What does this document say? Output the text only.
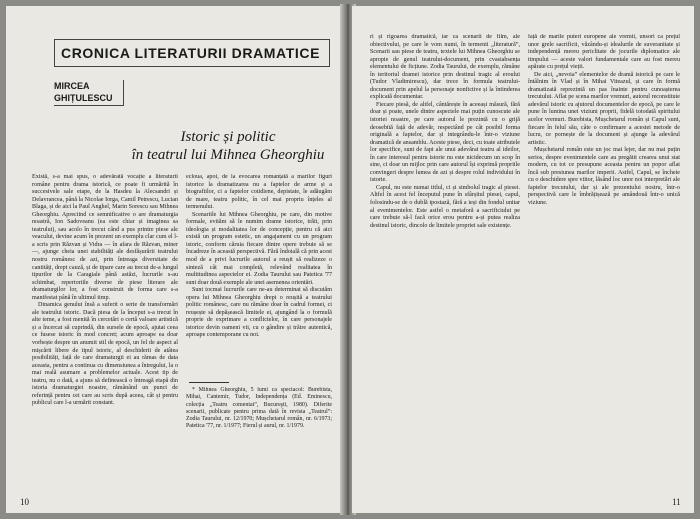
CRONICA LITERATURII DRAMATICE
MIRCEA
GHIȚULESCU
Istoric și politic
în teatrul lui Mihnea Gheorghiu

Există, s-a mai spus, o adevărată vocație a literaturii române pentru drama istorică, ce poate fi urmărită în succesivele sale etape, de la Hasdeu la Alecsandri și Delavrancea, până la Nicolae Iorga, Camil Petrescu, Lucian Blaga, și de aici la Paul Anghel, Marin Sorescu sau Mihnea Gheorghiu. Apreciind ce semnificative o are dramaturgia noastră, Ion Sadoveanu (ea este chiar și imaginea sa teatrului), sau acolo în trecut când a pus printre piese ale veacului, devine acum în prezent un exemplu clar cum el l-a scris prin Răzvan și Vidra — în afara de Răzvan, miner —, ajunge cheia unei stabilități ale desfășurării teatrului nostru românesc de azi, prin întreaga diversitate de cantități, drept cauză, și de tipare care au trecut de-a lungul tipurilor de la Caragiale până astăzi, lucrurile s-au schimbat, repertoriile diverse de piese literare ale dramaturgilor lor, a fost construit de forma care s-a manifestat până în ultimul timp.

Dinamica genului însă a suferit o serie de transformări ale teatrului istoric. Dacă piesa de la început s-a trecut în alte teme, a fost menită în cercetări o certă valoare artistică și a încercat să cuprindă, din sursele de epocă, ajutat ceea ce fusese istoric în mod concret; acum aproape ea doar vorbește despre un anumit stil de epocă, un fel de aspect al mișcării libere de tipul istoric, al deschiderii de atâtea posibilități, față de care dramaturgii ei au rămas de data aceasta, pentru a continua cu dimensiunea a întregului, la o mai reală asumare a problemelor actuale. Acest tip de teatru, nu o dată, a ajuns să definească o întreagă etapă din istoria dramaturgiei noastre, rămânând un punct de referință pentru cei care au scris după aceea, cât și pentru publicul care l-a urmărit constant.

ecloua, apoi, de la evocarea romanțată a marilor figuri istorice la dramatizarea nu a faptelor de arme și a biografiilor, ci a faptelor cotidiene, depistate, le adăugăm de mare, teatru politic, în cel mai propriu înțeles al termenului.

Scenariile lui Mihnea Gheorghiu, pe care, din motive formale, evităm să le numim drame istorice, trăit, prin ideologia și modalitatea lor de concepție, pentru că aici există un program estetic, un angajament cu un program istoric, conform căruia fiecare dintre opere trebuie să se încadreze în această perspectivă. Fără îndoială că prin acest mod de a privi lucrurile autorul a reușit să realizeze o sinteză cât mai completă, relevând realitatea în multitudinea aspectelor ei. Zodia Taurului sau Patetica '77 sunt doar două exemple ale unei asemenea orientări.

Sunt tocmai lucrurile care ne-au determinat să discutăm opera lui Mihnea Gheorghiu drept o reușită a teatrului politic românesc, care nu rămâne doar în cadrul formei, ci reușește să depășească limitele ei, ajungând la o formulă proprie de exprimare a conflictelor, în care personajele istorice devin oameni vii, cu o gândire și trăire autentică, aproape contemporane cu noi.

* Mihnea Gheorghiu, 5 lumi ca spectacol: Burebista, Mihai, Cantemir, Tudor, Independența (Ed. Eminescu, colecția „Teatru comentat”, Bucureşti, 1980). Diferite scenarii, publicate pentru prima dată în revista „Teatrul”: Zodia Taurului, nr. 12/1970; Mușchetarul român, nr. 6/1973; Patetica '77, nr. 1/1977; Fierul și aurul, nr. 1/1979.

10

ri și rigoarea dramatică, iar ca scenarii de film, ale obiectivului, pe care le vom numi, în termenii „literatură”, Scenarii sau piese de teatru, textele lui Mihnea Gheorghiu se apropie de genul teatrului-document, prin cvasiabsența elementului de ficțiune. Zodia Taurului, de exemplu, rămâne în teritoriul dramei istorice prin destinul tragic al eroului (Tudor Vladimirescu), dar trece în formula teatrului-document prin apelul la personaje nonfictive și la întinderea explicată documentar.

Fiecare piesă, de altfel, cântărește în aceeași măsură, fără doar și poate, unele dintre aspectele mai puțin cunoscute ale istoriei noastre, pe care autorul le prezintă cu o grijă deosebită față de adevăr, respectând pe cât posibil forma originală a faptelor, dar și integrându-le într-o viziune dramatică de ansamblu. Aceste piese, deci, cu toate atributele lor specifice, sunt de fapt ale unui adevărat teatru al ideilor, în care interesul pentru istorie nu este nicidecum un scop în sine, ci doar un mijloc prin care autorul își exprimă propriile convingeri despre lumea de azi și despre rolul individului în istorie.

Capul, nu este numai titlul, ci și simbolul tragic al piesei. Altfel în acest fel începutul pune în sfârșitul piesei, capul, folosindu-se de o dublă ipostază, fără a ieși din fondul unitar al evenimentelor. Este astfel o metaforă a sacrificiului pe care trebuie să-l facă orice erou pentru a-și putea realiza destinul istoric, dincolo de limitele propriei sale existențe.

față de marile puteri europene ale vremii, unsori ca prețul unor grele sacrificii, văzându-și idealurile de suveranitate și independență mereu periclitate de jocurile diplomatice ale timpului — aceste valori fundamentale care au fost mereu apărate cu prețul vieții.

De aici, „nevoia” elementelor de dramă istorică pe care le întâlnim în Vlad și în Mihai Viteazul, și care în formă dramatizată reprezintă un pas înainte pentru cunoașterea trecutului. Aflat pe scena marilor vremuri, autorul reconstituie adevărul istoric cu ajutorul documentelor de epocă, pe care le pune în lumina unei viziuni proprii, fidelă totodată spiritului acelor vremuri. Burebista, Mușchetarul român și Capul sunt, fiecare în felul său, câte o confirmare a acestei metode de lucru, ce pornește de la document și ajunge la adevărul artistic.

Mușchetarul român este un joc mai lejer, dar nu mai puțin serios, despre evenimentele care au pregătit crearea unui stat modern, cu tot ce presupune aceasta pentru un popor aflat încă sub presiunea marilor imperii. Astfel, Capul, se încheie cu o deschidere spre viitor, lăsând loc unor noi interpretări ale faptelor trecutului, dar și ale prezentului nostru, într-o perspectivă care le îmbrățișează pe amândouă într-o unică viziune.

11
